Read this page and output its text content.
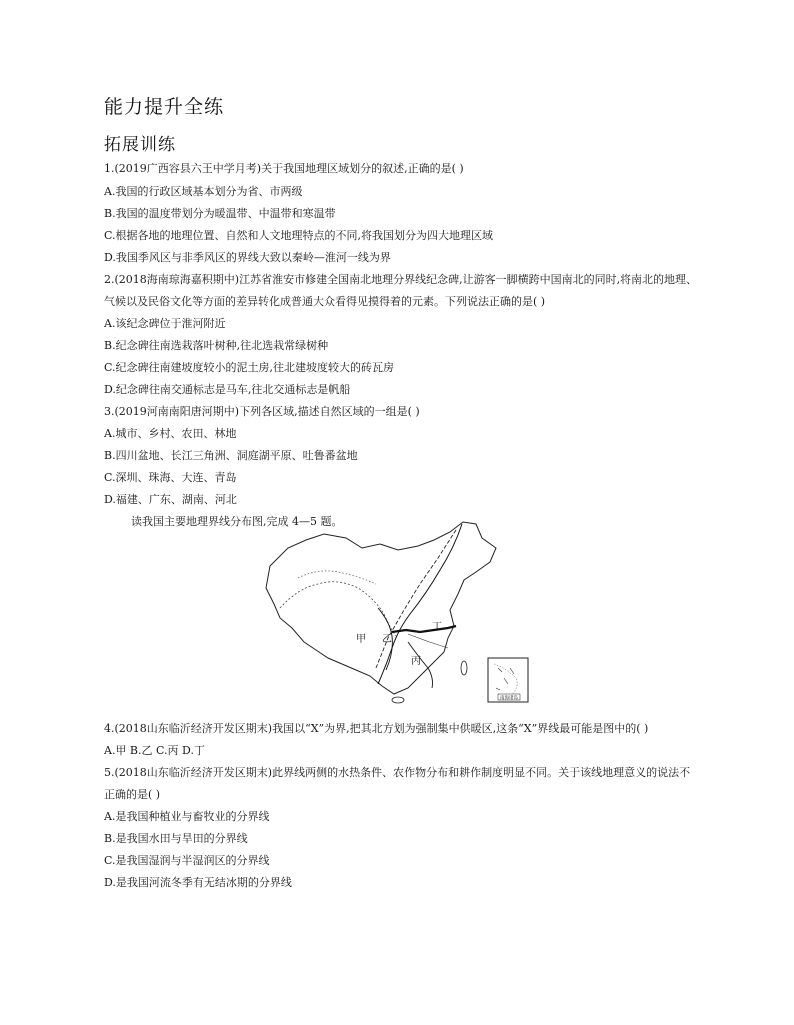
能力提升全练
拓展训练
1.(2019广西容县六王中学月考)关于我国地理区域划分的叙述,正确的是( )
A.我国的行政区域基本划分为省、市两级
B.我国的温度带划分为暖温带、中温带和寒温带
C.根据各地的地理位置、自然和人文地理特点的不同,将我国划分为四大地理区域
D.我国季风区与非季风区的界线大致以秦岭—淮河一线为界
2.(2018海南琼海嘉积期中)江苏省淮安市修建全国南北地理分界线纪念碑,让游客一脚横跨中国南北的同时,将南北的地理、
气候以及民俗文化等方面的差异转化成普通大众看得见摸得着的元素。下列说法正确的是( )
A.该纪念碑位于淮河附近
B.纪念碑往南选栽落叶树种,往北选栽常绿树种
C.纪念碑往南建坡度较小的泥土房,往北建坡度较大的砖瓦房
D.纪念碑往南交通标志是马车,往北交通标志是帆船
3.(2019河南南阳唐河期中)下列各区域,描述自然区域的一组是( )
A.城市、乡村、农田、林地
B.四川盆地、长江三角洲、洞庭湖平原、吐鲁番盆地
C.深圳、珠海、大连、青岛
D.福建、广东、湖南、河北
读我国主要地理界线分布图,完成 4—5 题。
甲 乙
丙
丁
南海诸岛
4.(2018山东临沂经济开发区期末)我国以“X”为界,把其北方划为强制集中供暖区,这条“X”界线最可能是图中的( )
A.甲 B.乙 C.丙 D.丁
5.(2018山东临沂经济开发区期末)此界线两侧的水热条件、农作物分布和耕作制度明显不同。关于该线地理意义的说法不
正确的是( )
A.是我国种植业与畜牧业的分界线
B.是我国水田与旱田的分界线
C.是我国湿润与半湿润区的分界线
D.是我国河流冬季有无结冰期的分界线
